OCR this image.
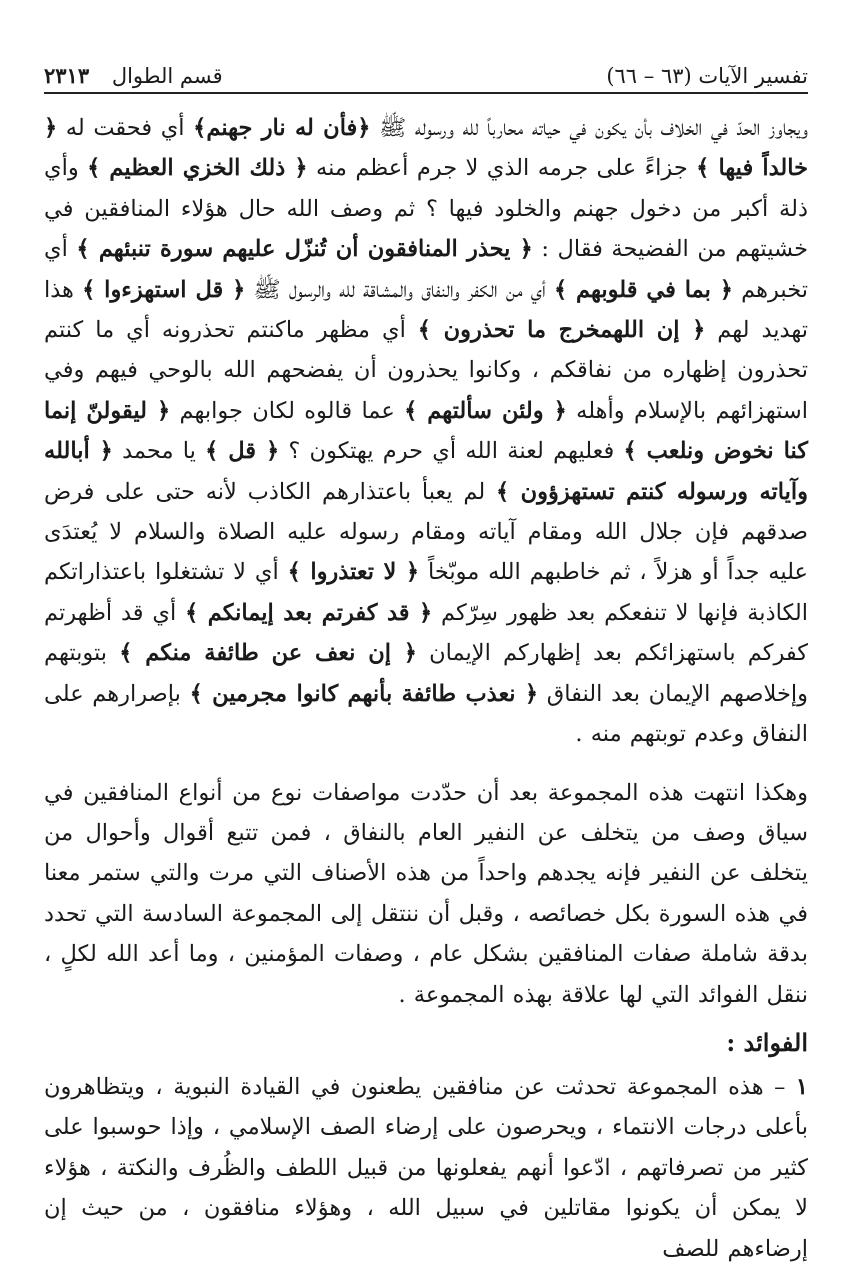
تفسير الآيات (٦٣ – ٦٦)
قسم الطوال ٢٣١٣

ويجاوز الحدّ في الخلاف بأن يكون في حياته محارباً لله ورسوله ﷺ ﴿فأن له نار جهنم﴾ أي فحقت له ﴿ خالداً فيها ﴾ جزاءً على جرمه الذي لا جرم أعظم منه ﴿ ذلك الخزي العظيم ﴾ وأي ذلة أكبر من دخول جهنم والخلود فيها ؟ ثم وصف الله حال هؤلاء المنافقين في خشيتهم من الفضيحة فقال : ﴿ يحذر المنافقون أن تُنزّل عليهم سورة تنبئهم ﴾ أي تخبرهم ﴿ بما في قلوبهم ﴾ أي من الكفر والنفاق والمشاقة لله والرسول ﷺ ﴿ قل استهزءوا ﴾ هذا تهديد لهم ﴿ إن اللهمخرج ما تحذرون ﴾ أي مظهر ماكنتم تحذرونه أي ما كنتم تحذرون إظهاره من نفاقكم ، وكانوا يحذرون أن يفضحهم الله بالوحي فيهم وفي استهزائهم بالإسلام وأهله ﴿ ولئن سألتهم ﴾ عما قالوه لكان جوابهم ﴿ ليقولنّ إنما كنا نخوض ونلعب ﴾ فعليهم لعنة الله أي حرم يهتكون ؟ ﴿ قل ﴾ يا محمد ﴿ أبالله وآياته ورسوله كنتم تستهزؤون ﴾ لم يعبأ باعتذارهم الكاذب لأنه حتى على فرض صدقهم فإن جلال الله ومقام آياته ومقام رسوله عليه الصلاة والسلام لا يُعتدَى عليه جداً أو هزلاً ، ثم خاطبهم الله موبّخاً ﴿ لا تعتذروا ﴾ أي لا تشتغلوا باعتذاراتكم الكاذبة فإنها لا تنفعكم بعد ظهور سِرّكم ﴿ قد كفرتم بعد إيمانكم ﴾ أي قد أظهرتم كفركم باستهزائكم بعد إظهاركم الإيمان ﴿ إن نعف عن طائفة منكم ﴾ بتوبتهم وإخلاصهم الإيمان بعد النفاق ﴿ نعذب طائفة بأنهم كانوا مجرمين ﴾ بإصرارهم على النفاق وعدم توبتهم منه .

وهكذا انتهت هذه المجموعة بعد أن حدّدت مواصفات نوع من أنواع المنافقين في سياق وصف من يتخلف عن النفير العام بالنفاق ، فمن تتبع أقوال وأحوال من يتخلف عن النفير فإنه يجدهم واحداً من هذه الأصناف التي مرت والتي ستمر معنا في هذه السورة بكل خصائصه ، وقبل أن ننتقل إلى المجموعة السادسة التي تحدد بدقة شاملة صفات المنافقين بشكل عام ، وصفات المؤمنين ، وما أعد الله لكلٍ ، ننقل الفوائد التي لها علاقة بهذه المجموعة .

الفوائد :

١ – هذه المجموعة تحدثت عن منافقين يطعنون في القيادة النبوية ، ويتظاهرون بأعلى درجات الانتماء ، ويحرصون على إرضاء الصف الإسلامي ، وإذا حوسبوا على كثير من تصرفاتهم ، ادّعوا أنهم يفعلونها من قبيل اللطف والظُرف والنكتة ، هؤلاء لا يمكن أن يكونوا مقاتلين في سبيل الله ، وهؤلاء منافقون ، من حيث إن إرضاءهم للصف
